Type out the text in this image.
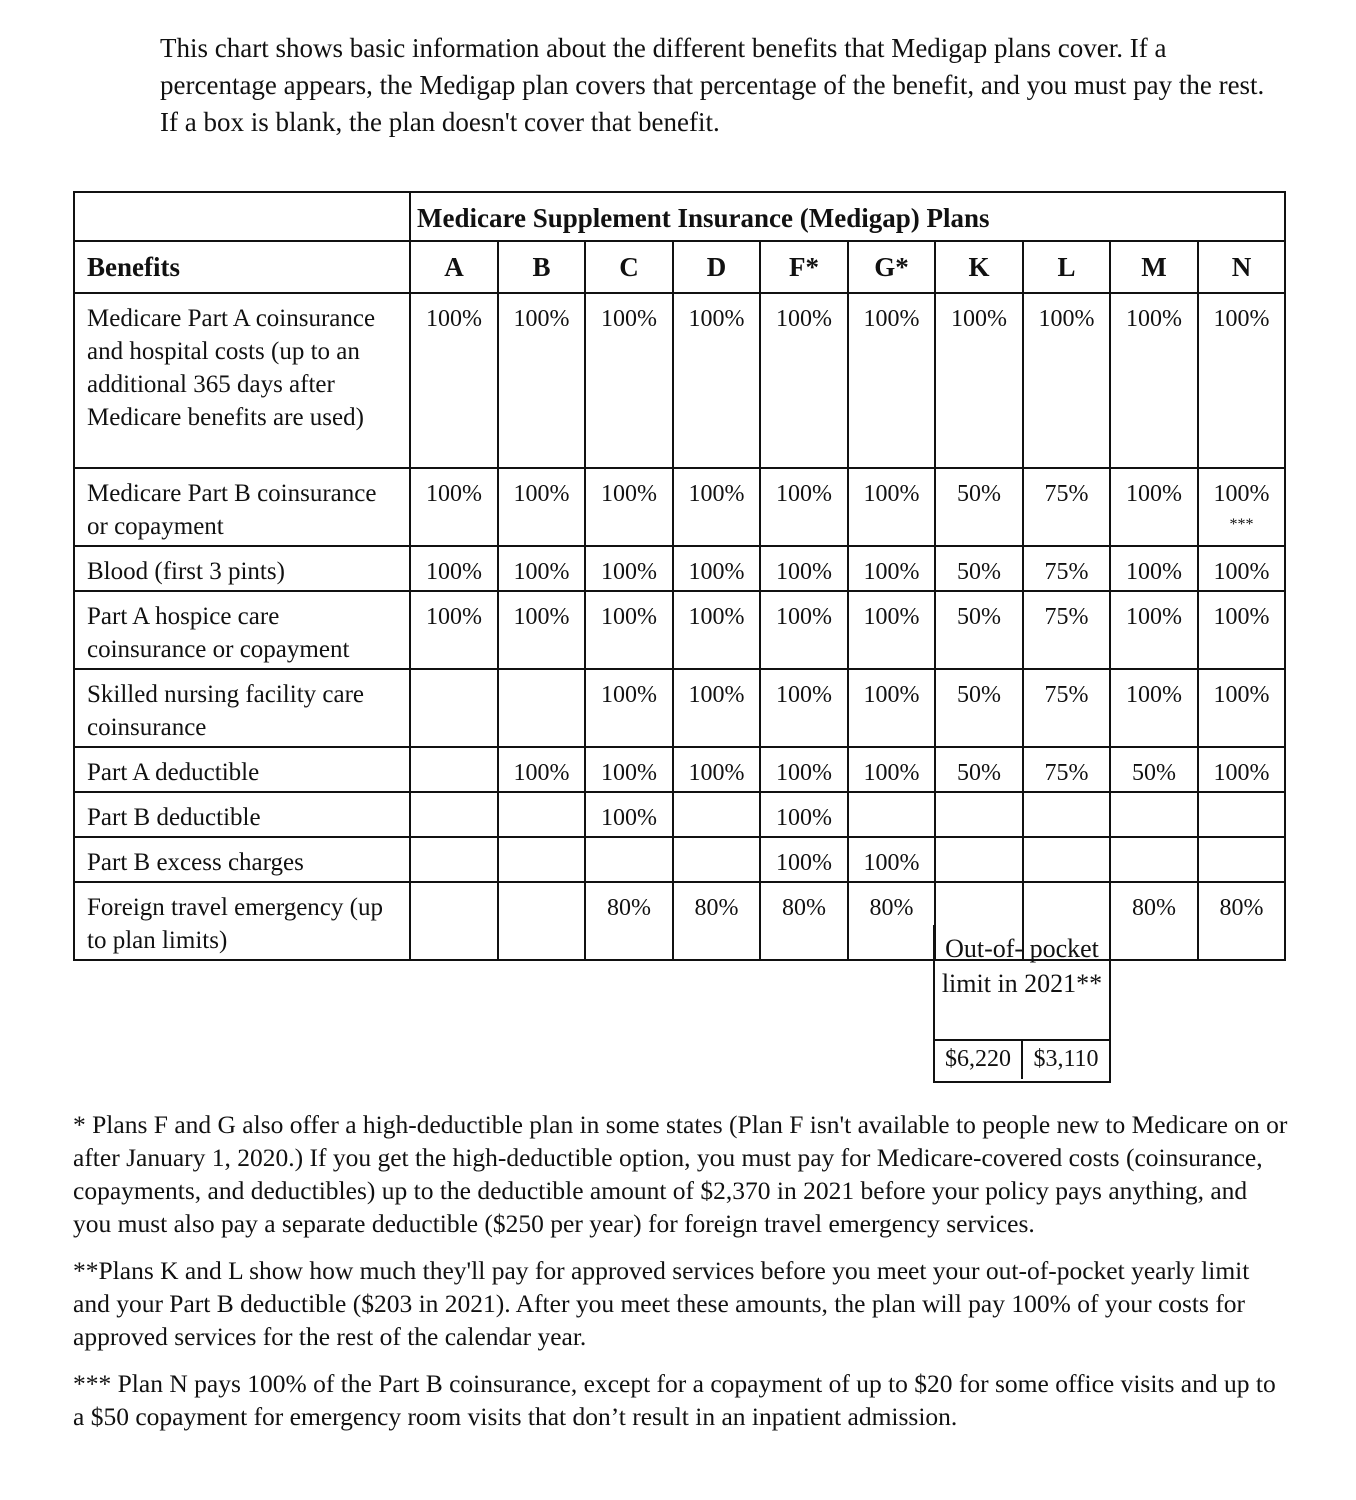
This chart shows basic information about the different benefits that Medigap plans cover. If a percentage appears, the Medigap plan covers that percentage of the benefit, and you must pay the rest. If a box is blank, the plan doesn't cover that benefit.

	Medicare Supplement Insurance (Medigap) Plans									
Benefits	A	B	C	D	F*	G*	K	L	M	N
Medicare Part A coinsurance and hospital costs (up to an additional 365 days after Medicare benefits are used)	100%	100%	100%	100%	100%	100%	100%	100%	100%	100%
Medicare Part B coinsurance or copayment	100%	100%	100%	100%	100%	100%	50%	75%	100%	100%
***

Blood (first 3 pints)	100%	100%	100%	100%	100%	100%	50%	75%	100%	100%
Part A hospice care coinsurance or copayment	100%	100%	100%	100%	100%	100%	50%	75%	100%	100%
Skilled nursing facility care coinsurance			100%	100%	100%	100%	50%	75%	100%	100%
Part A deductible		100%	100%	100%	100%	100%	50%	75%	50%	100%
Part B deductible			100%		100%					
Part B excess charges					100%	100%				
Foreign travel emergency (up to plan limits)			80%	80%	80%	80%			80%	80%
Out-of- pocket limit in 2021**
$6,220 $3,110

* Plans F and G also offer a high-deductible plan in some states (Plan F isn't available to people new to Medicare on or after January 1, 2020.) If you get the high-deductible option, you must pay for Medicare-covered costs (coinsurance, copayments, and deductibles) up to the deductible amount of $2,370 in 2021 before your policy pays anything, and you must also pay a separate deductible ($250 per year) for foreign travel emergency services.

**Plans K and L show how much they'll pay for approved services before you meet your out-of-pocket yearly limit and your Part B deductible ($203 in 2021). After you meet these amounts, the plan will pay 100% of your costs for approved services for the rest of the calendar year.

*** Plan N pays 100% of the Part B coinsurance, except for a copayment of up to $20 for some office visits and up to a $50 copayment for emergency room visits that don’t result in an inpatient admission.
